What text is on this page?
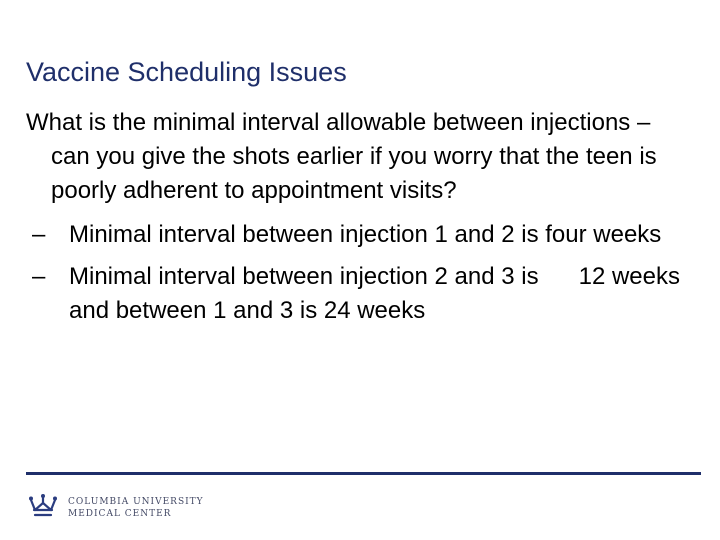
Vaccine Scheduling Issues

What is the minimal interval allowable between injections – can you give the shots earlier if you worry that the teen is poorly adherent to appointment visits?

– Minimal interval between injection 1 and 2 is four weeks
– Minimal interval between injection 2 and 3 is      12 weeks and between 1 and 3 is 24 weeks
COLUMBIA UNIVERSITY
MEDICAL CENTER
